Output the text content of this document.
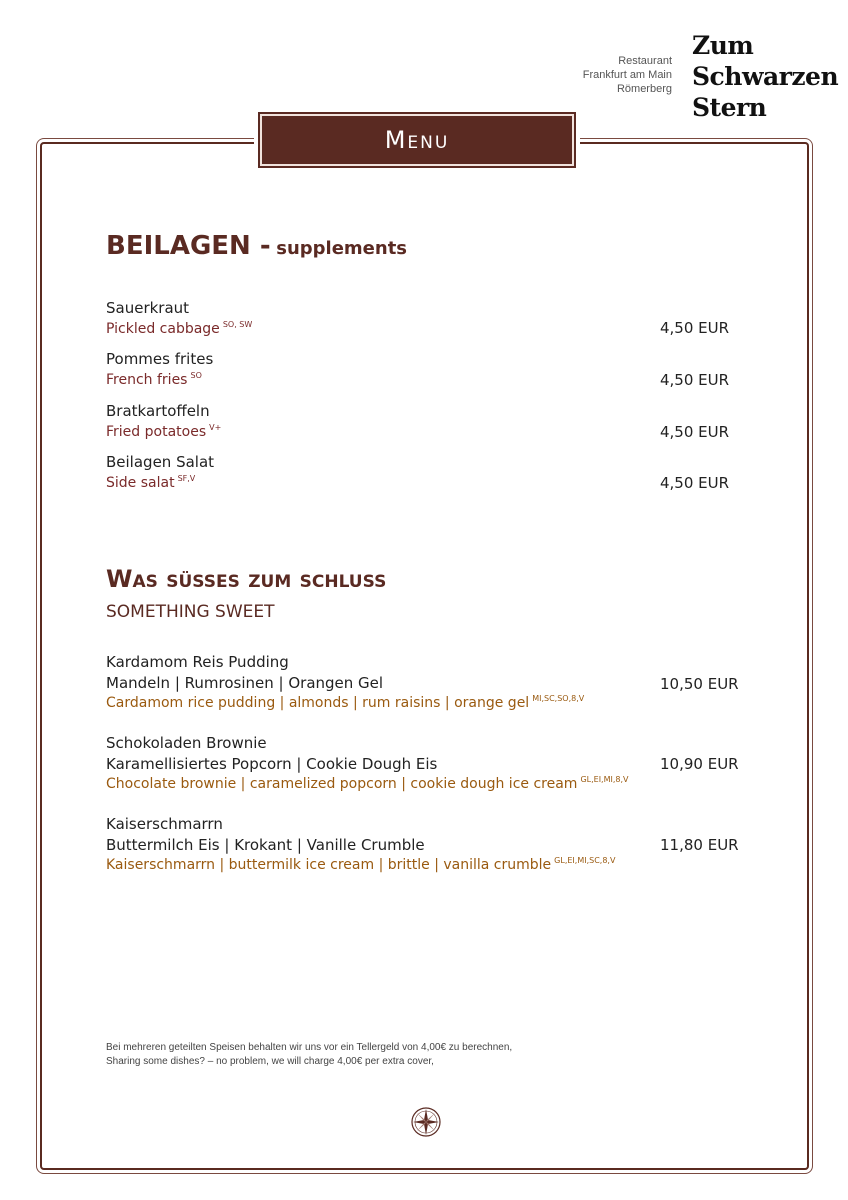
Restaurant
Frankfurt am Main
Römerberg
Zum
Schwarzen
Stern
Menu
BEILAGEN - supplements
Sauerkraut
Pickled cabbage $^{SO, SW}$	4,50 EUR
Pommes frites
French fries $^{SO}$	4,50 EUR
Bratkartoffeln
Fried potatoes $^{V+}$	4,50 EUR
Beilagen Salat
Side salat $^{SF,V}$	4,50 EUR
Was süsses zum schluss
SOMETHING SWEET
Kardamom Reis Pudding
Mandeln | Rumrosinen | Orangen Gel
Cardamom rice pudding | almonds | rum raisins | orange gel $^{MI,SC,SO,8,V}$
10,50 EUR
Schokoladen Brownie
Karamellisiertes Popcorn | Cookie Dough Eis
Chocolate brownie | caramelized popcorn | cookie dough ice cream $^{GL,EI,MI,8,V}$
10,90 EUR
Kaiserschmarrn
Buttermilch Eis | Krokant | Vanille Crumble
Kaiserschmarrn | buttermilk ice cream | brittle | vanilla crumble $^{GL,EI,MI,SC,8,V}$
11,80 EUR
Bei mehreren geteilten Speisen behalten wir uns vor ein Tellergeld von 4,00€ zu berechnen,
Sharing some dishes? – no problem, we will charge 4,00€ per extra cover,
